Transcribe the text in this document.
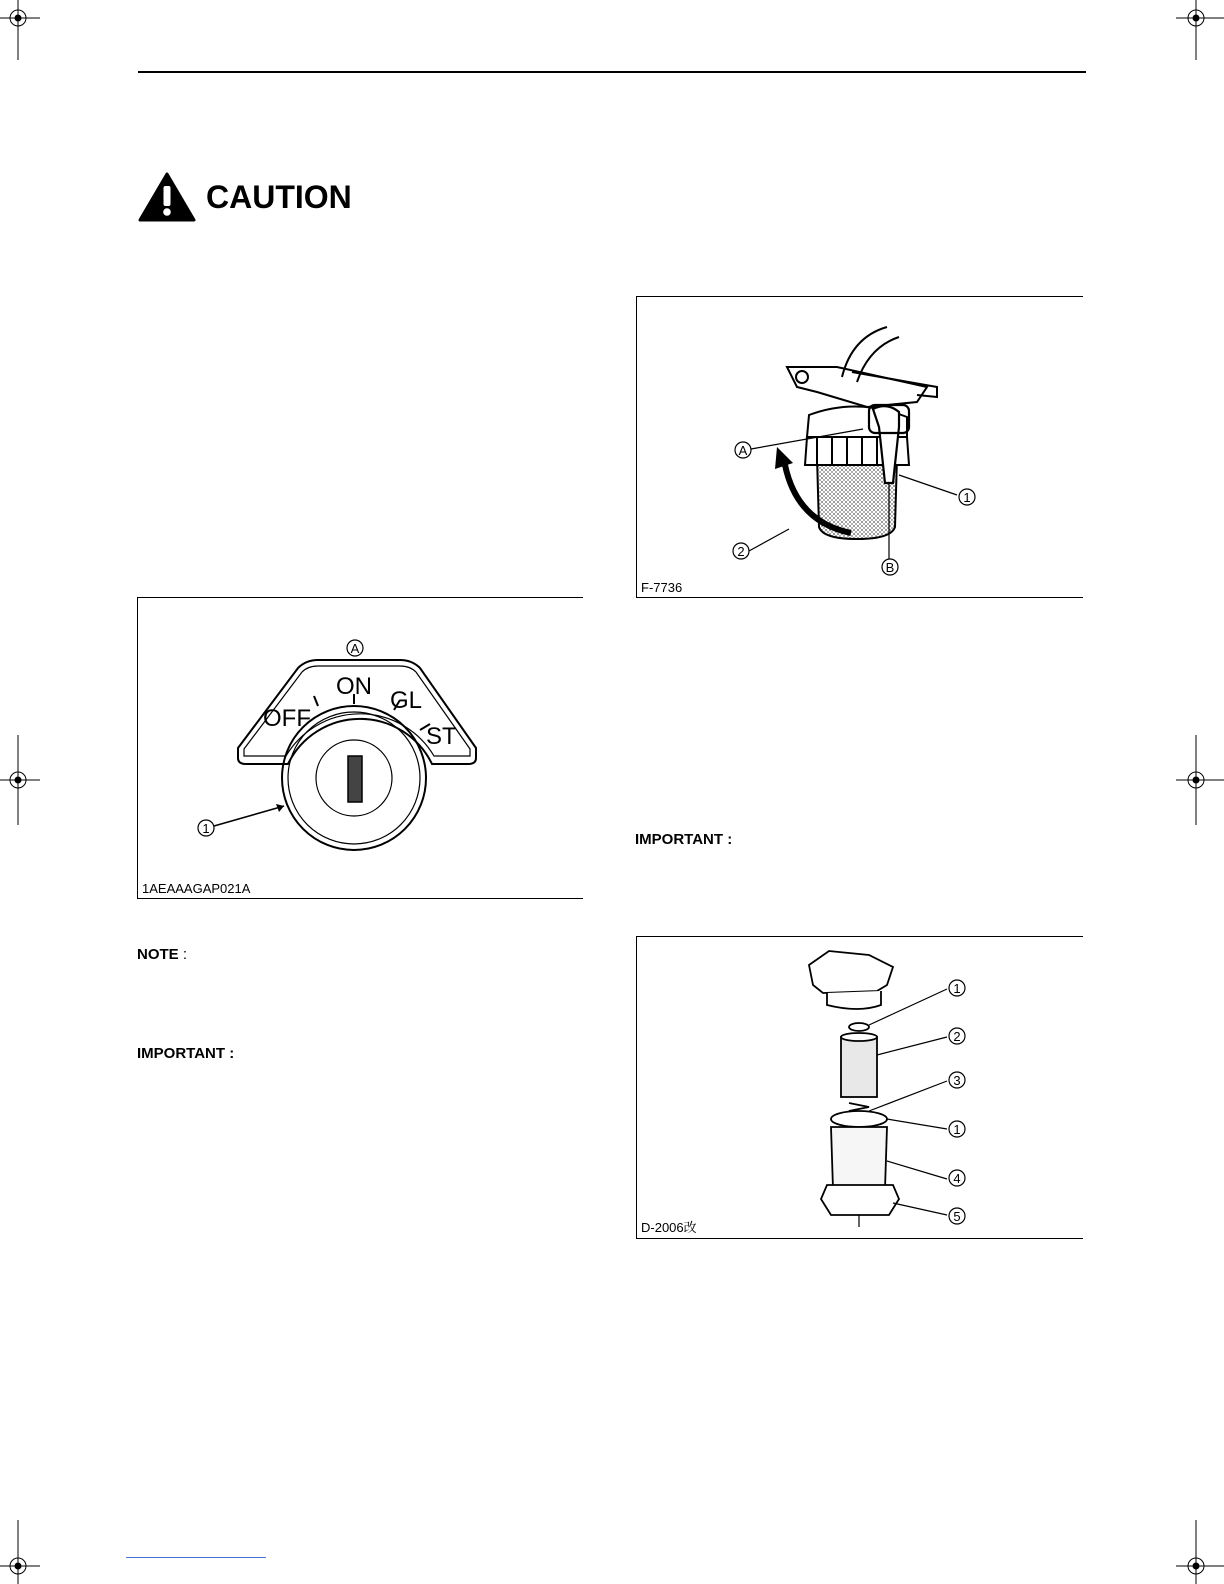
CAUTION
A
1
OFF
ON
GL
ST
1AEAAAGAP021A
A
1
2
B
F-7736
1
2
3
1
4
5
D-2006改
NOTE :
IMPORTANT :
IMPORTANT :
